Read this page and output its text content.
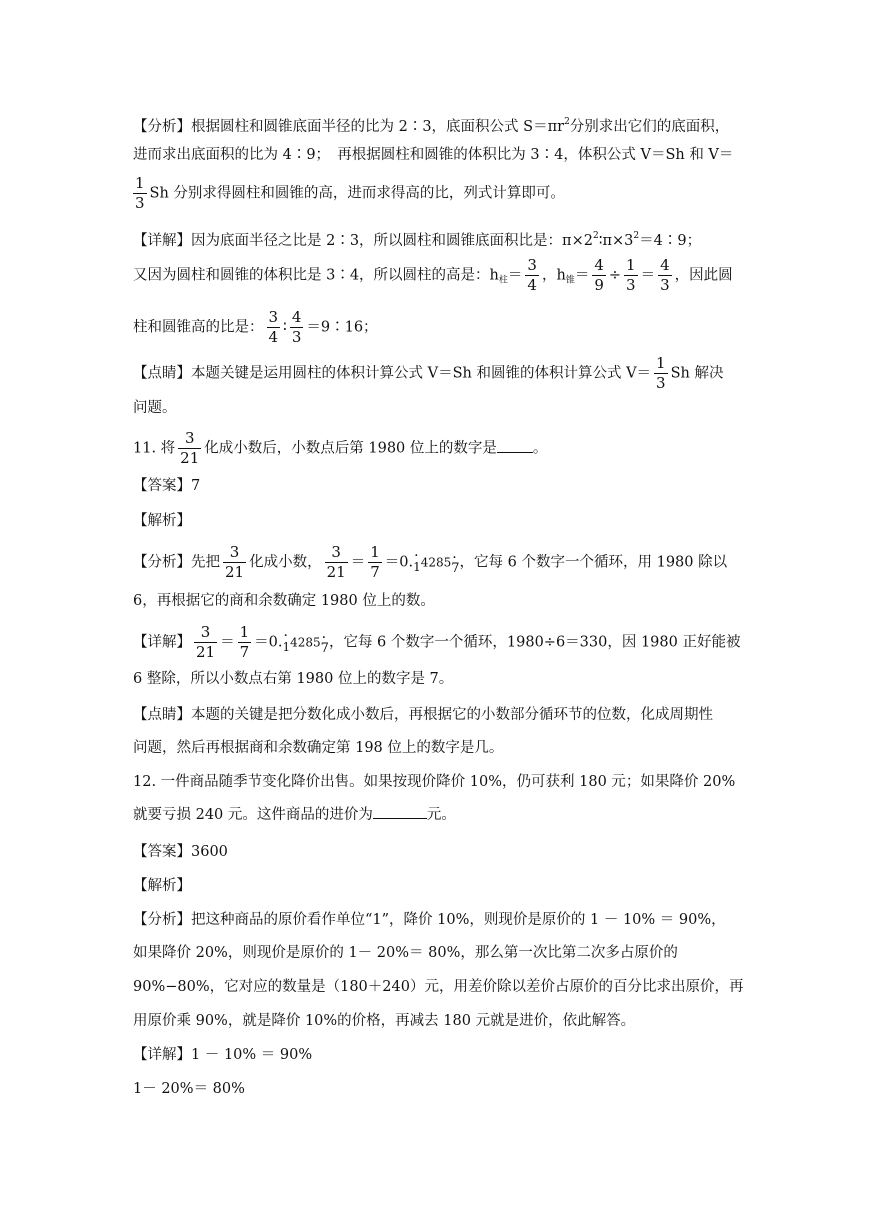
【分析】根据圆柱和圆锥底面半径的比为 2∶3，底面积公式 $S=\pi r^2$分别求出它们的底面积，
进而求出底面积的比为 4∶9；　再根据圆柱和圆锥的体积比为 3∶4，体积公式 V＝Sh 和 V＝
$\frac{1}{3}$ Sh 分别求得圆柱和圆锥的高，进而求得高的比，列式计算即可。
【详解】因为底面半径之比是 2∶3，所以圆柱和圆锥底面积比是：$\pi\times 2^2∶\pi\times 3^2=4∶9$；
又因为圆柱和圆锥的体积比是 3∶4，所以圆柱的高是：$h_柱= \frac{3}{4}$ ，$h_锥= \frac{4}{9} \div \frac{1}{3} = \frac{4}{3}$ ，因此圆
柱和圆锥高的比是： $\frac{3}{4}$ ∶ $\frac{4}{3}$ ＝9∶16；
【点睛】本题关键是运用圆柱的体积计算公式 V＝Sh 和圆锥的体积计算公式 $V= \frac{1}{3}$ Sh 解决
问题。
11. 将 $\frac{3}{21}$ 化成小数后，小数点后第 1980 位上的数字是 。
【答案】7
【解析】
【分析】先把 $\frac{3}{21}$ 化成小数， $\frac{3}{21} = \frac{1}{7} =0.\cdot 14285\cdot 7$，它每 6 个数字一个循环，用 1980 除以
6，再根据它的商和余数确定 1980 位上的数。
【详解】 $\frac{3}{21} = \frac{1}{7} =0.\cdot 14285\cdot 7$，它每 6 个数字一个循环，1980÷6＝330，因 1980 正好能被
6 整除，所以小数点右第 1980 位上的数字是 7。
【点睛】本题的关键是把分数化成小数后，再根据它的小数部分循环节的位数，化成周期性
问题，然后再根据商和余数确定第 198 位上的数字是几。
12. 一件商品随季节变化降价出售。如果按现价降价 10%，仍可获利 180 元；如果降价 20%
就要亏损 240 元。这件商品的进价为	元。
【答案】3600
【解析】
【分析】把这种商品的原价看作单位“1”，降价 10%，则现价是原价的 1 － 10% ＝ 90%，
如果降价 20%，则现价是原价的 1－ 20%＝ 80%，那么第一次比第二次多占原价的
90%−80%，它对应的数量是（180＋240）元，用差价除以差价占原价的百分比求出原价，再
用原价乘 90%，就是降价 10%的价格，再减去 180 元就是进价，依此解答。
【详解】1 － 10% ＝ 90%
1－ 20%＝ 80%
